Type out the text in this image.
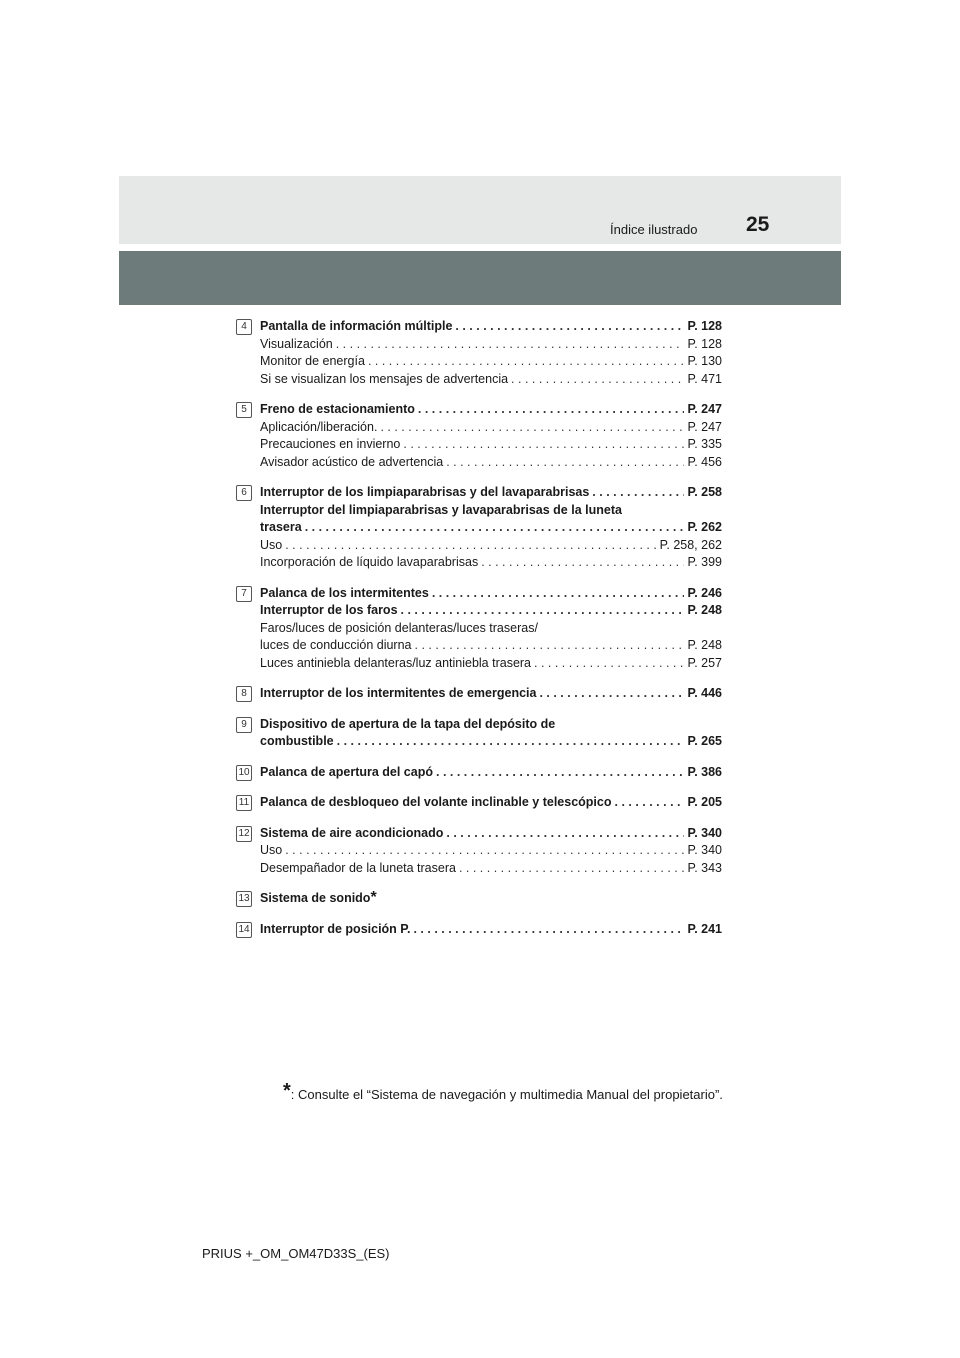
Índice ilustrado 25
4	Pantalla de información múltiple . . .	P. 128
Visualización . . .	P. 128
Monitor de energía . . .	P. 130
Si se visualizan los mensajes de advertencia . . .	P. 471
5	Freno de estacionamiento . . .	P. 247
Aplicación/liberación. . . .	P. 247
Precauciones en invierno . . .	P. 335
Avisador acústico de advertencia . . .	P. 456
6	Interruptor de los limpiaparabrisas y del lavaparabrisas . . .	P. 258
Interruptor del limpiaparabrisas y lavaparabrisas de la luneta
trasera . . .	P. 262
Uso . . .	P. 258, 262
Incorporación de líquido lavaparabrisas . . .	P. 399
7	Palanca de los intermitentes . . .	P. 246
Interruptor de los faros . . .	P. 248
Faros/luces de posición delanteras/luces traseras/
luces de conducción diurna . . .	P. 248
Luces antiniebla delanteras/luz antiniebla trasera . . .	P. 257
8	Interruptor de los intermitentes de emergencia . . .	P. 446
9	Dispositivo de apertura de la tapa del depósito de
combustible . . .	P. 265
10 Palanca de apertura del capó . . .	P. 386
11 Palanca de desbloqueo del volante inclinable y telescópico . . .	P. 205
12 Sistema de aire acondicionado . . .	P. 340
Uso . . .	P. 340
Desempañador de la luneta trasera . . .	P. 343
13 Sistema de sonido *
14 Interruptor de posición P. . . .	P. 241
*: Consulte el “Sistema de navegación y multimedia Manual del propietario”.
PRIUS +_OM_OM47D33S_(ES)
